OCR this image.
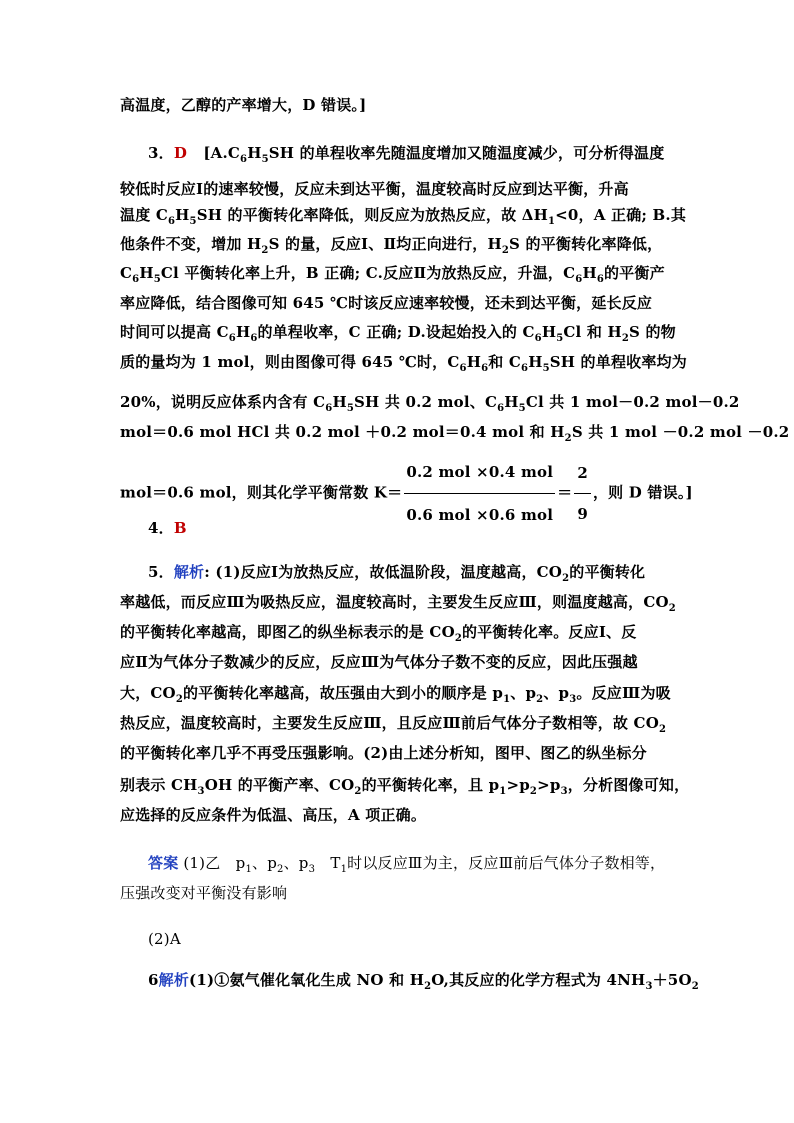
高温度，乙醇的产率增大，D 错误。]
3．D [$A.C_6H_5SH$ 的单程收率先随温度增加又随温度减少，可分析得温度
较低时反应Ⅰ的速率较慢，反应未到达平衡，温度较高时反应到达平衡，升高
温度 $C_6H_5SH$ 的平衡转化率降低，则反应为放热反应，故 $\Delta H_1<0$，A 正确; B.其
他条件不变，增加 $H_2S$ 的量，反应Ⅰ、Ⅱ均正向进行，$H_2S$ 的平衡转化率降低，
$C_6H_5Cl$ 平衡转化率上升，B 正确; C.反应Ⅱ为放热反应，升温，$C_6H_6$的平衡产
率应降低，结合图像可知 645 ℃时该反应速率较慢，还未到达平衡，延长反应
时间可以提高 $C_6H_6$的单程收率，C 正确; D.设起始投入的 $C_6H_5Cl$ 和 $H_2S$ 的物
质的量均为 1 mol，则由图像可得 645 ℃时，$C_6H_6$和 $C_6H_5SH$ 的单程收率均为
20%，说明反应体系内含有 $C_6H_5SH$ 共 0.2 mol、$C_6H_5Cl$ 共 1 mol－0.2 mol－0.2
mol＝0.6 mol HCl 共 0.2 mol ＋0.2 mol＝0.4 mol 和 $H_2S$ 共 1 mol －0.2 mol －0.2
mol＝0.6 mol，则其化学平衡常数 $K= \frac{\text{0.2 mol ×0.4 mol}}{\text{0.6 mol ×0.6 mol}} = \frac{2}{9}$ ，则 D 错误。]
4．B
5．解析: (1)反应Ⅰ为放热反应，故低温阶段，温度越高，$CO_2$的平衡转化
率越低，而反应Ⅲ为吸热反应，温度较高时，主要发生反应Ⅲ，则温度越高，$CO_2$
的平衡转化率越高，即图乙的纵坐标表示的是 $CO_2$的平衡转化率。反应Ⅰ、反
应Ⅱ为气体分子数减少的反应，反应Ⅲ为气体分子数不变的反应，因此压强越
大，$CO_2$的平衡转化率越高，故压强由大到小的顺序是 $p_1$、$p_2$、$p_3$。反应Ⅲ为吸
热反应，温度较高时，主要发生反应Ⅲ，且反应Ⅲ前后气体分子数相等，故 $CO_2$
的平衡转化率几乎不再受压强影响。(2)由上述分析知，图甲、图乙的纵坐标分
别表示 $CH_3OH$ 的平衡产率、$CO_2$的平衡转化率，且 $p_1>p_2>p_3$，分析图像可知，
应选择的反应条件为低温、高压，A 项正确。
答案 (1)乙　$p_1$、$p_2$、$p_3$　$T_1$时以反应Ⅲ为主，反应Ⅲ前后气体分子数相等，
压强改变对平衡没有影响
(2)A
6解析(1)①氨气催化氧化生成 NO 和 $H_2O$,其反应的化学方程式为 $4NH_3+5O_2$
